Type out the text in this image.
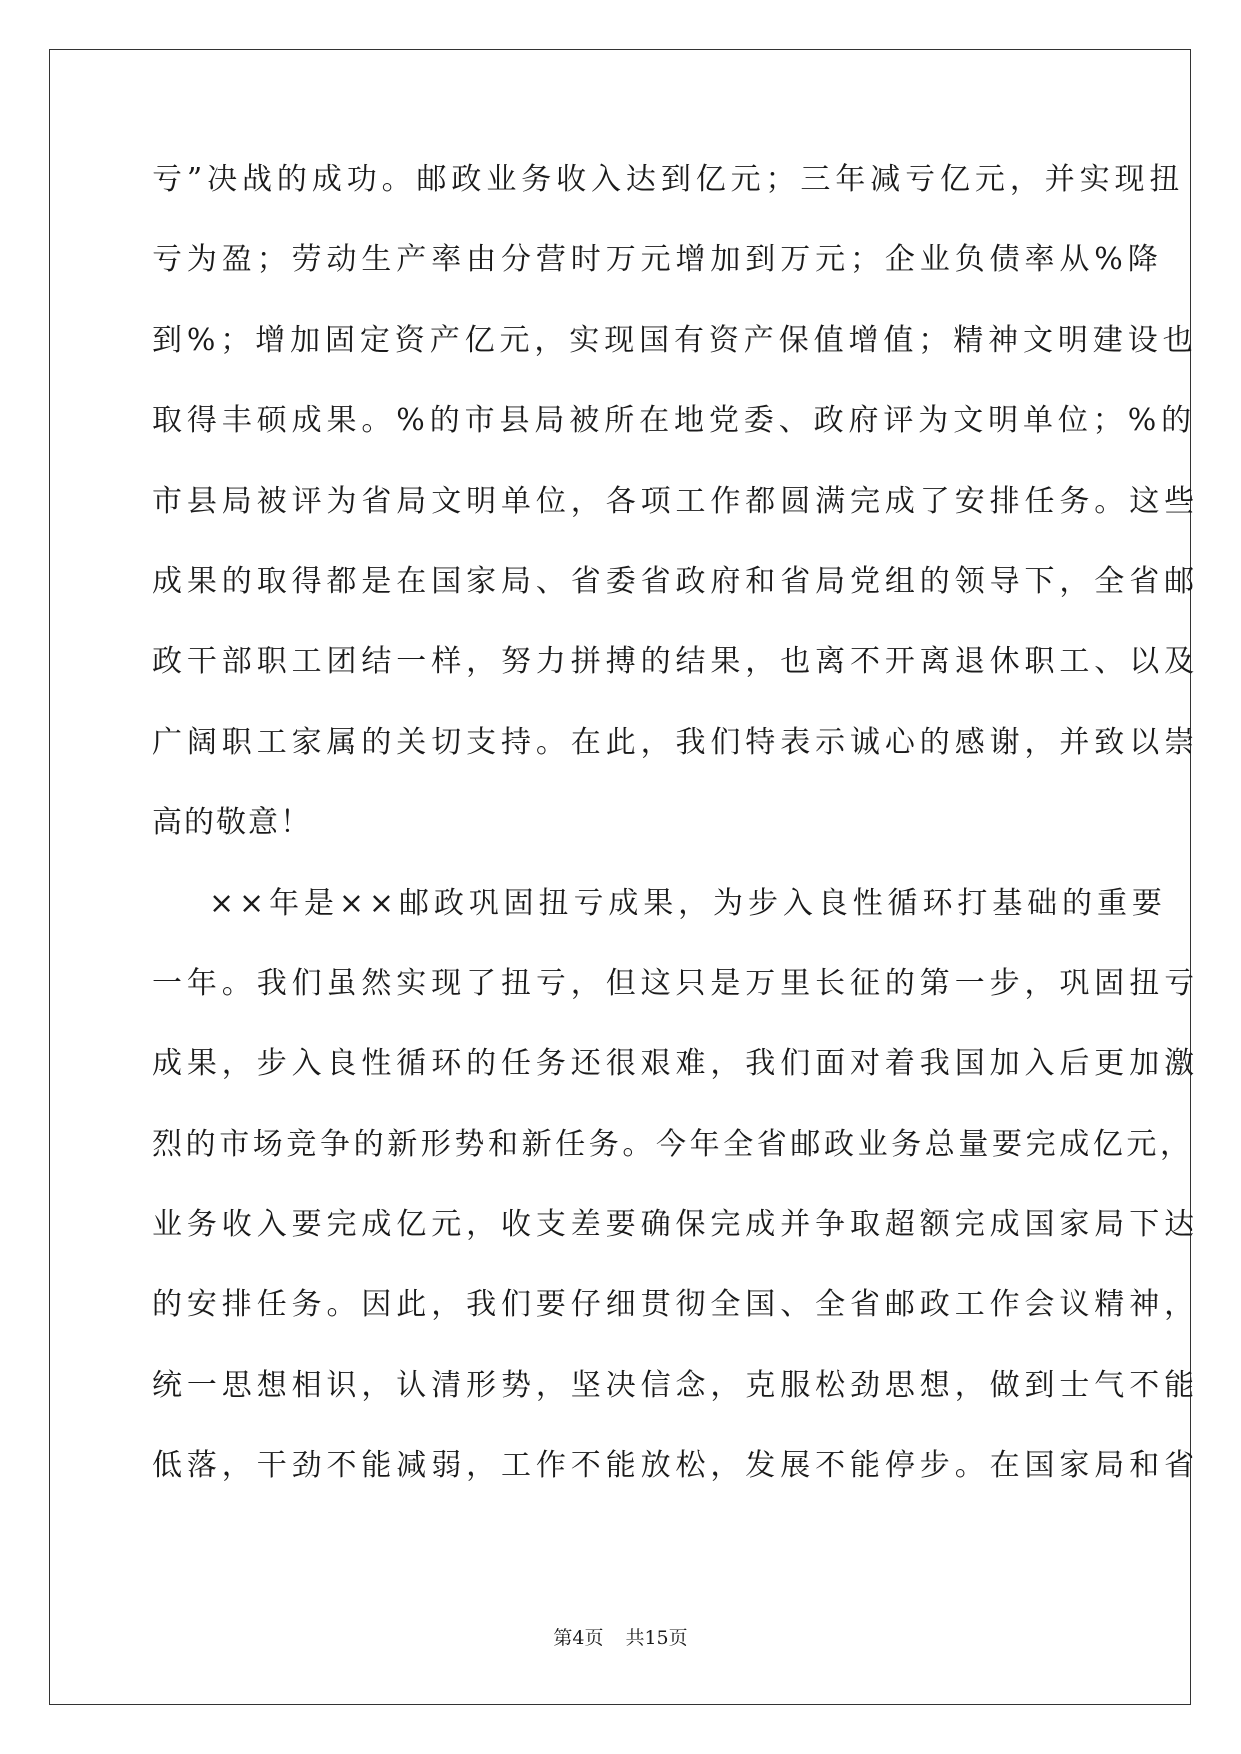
亏”决战的成功。邮政业务收入达到亿元；三年减亏亿元，并实现扭
亏为盈；劳动生产率由分营时万元增加到万元；企业负债率从%降
到%；增加固定资产亿元，实现国有资产保值增值；精神文明建设也
取得丰硕成果。%的市县局被所在地党委、政府评为文明单位；%的
市县局被评为省局文明单位，各项工作都圆满完成了安排任务。这些
成果的取得都是在国家局、省委省政府和省局党组的领导下，全省邮
政干部职工团结一样，努力拼搏的结果，也离不开离退休职工、以及
广阔职工家属的关切支持。在此，我们特表示诚心的感谢，并致以崇
高的敬意！
××年是××邮政巩固扭亏成果，为步入良性循环打基础的重要
一年。我们虽然实现了扭亏，但这只是万里长征的第一步，巩固扭亏
成果，步入良性循环的任务还很艰难，我们面对着我国加入后更加激
烈的市场竞争的新形势和新任务。今年全省邮政业务总量要完成亿元，
业务收入要完成亿元，收支差要确保完成并争取超额完成国家局下达
的安排任务。因此，我们要仔细贯彻全国、全省邮政工作会议精神，
统一思想相识，认清形势，坚决信念，克服松劲思想，做到士气不能
低落，干劲不能减弱，工作不能放松，发展不能停步。在国家局和省
第4页 共15页
